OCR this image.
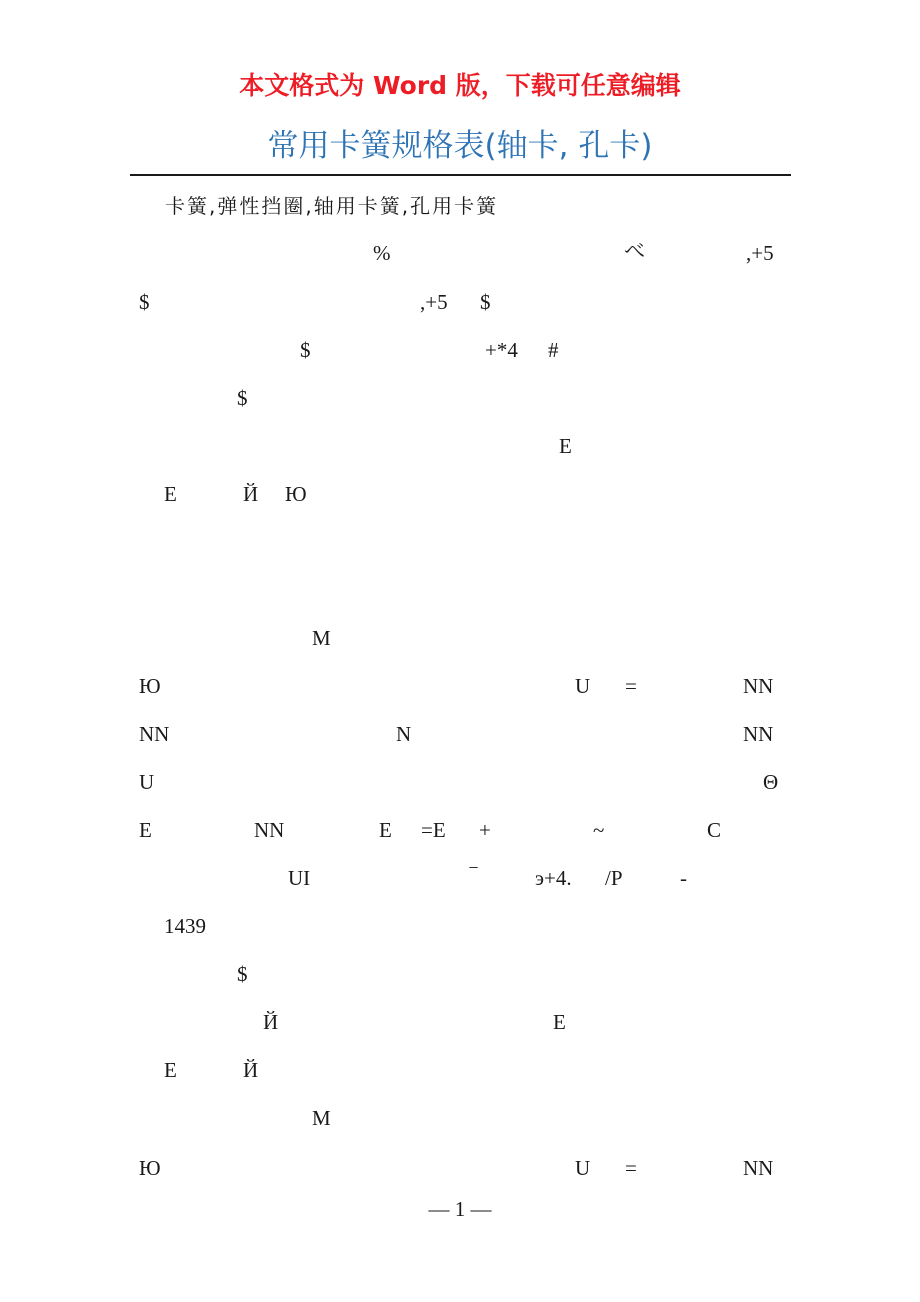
本文格式为 Word 版，下载可任意编辑
常用卡簧规格表(轴卡, 孔卡)
卡簧,弹性挡圈,轴用卡簧,孔用卡簧
%	べ	,+5
$	,+5 $
$	+*4 #
$
E
E	Й Ю
M
Ю	U =	NN
NN	N	NN
U	Θ
E	NN	E =E +	~	C
UI	⁻	э+4. /P	-
1439
$
Й	E
E	Й
M
Ю	U =	NN
— 1 —
